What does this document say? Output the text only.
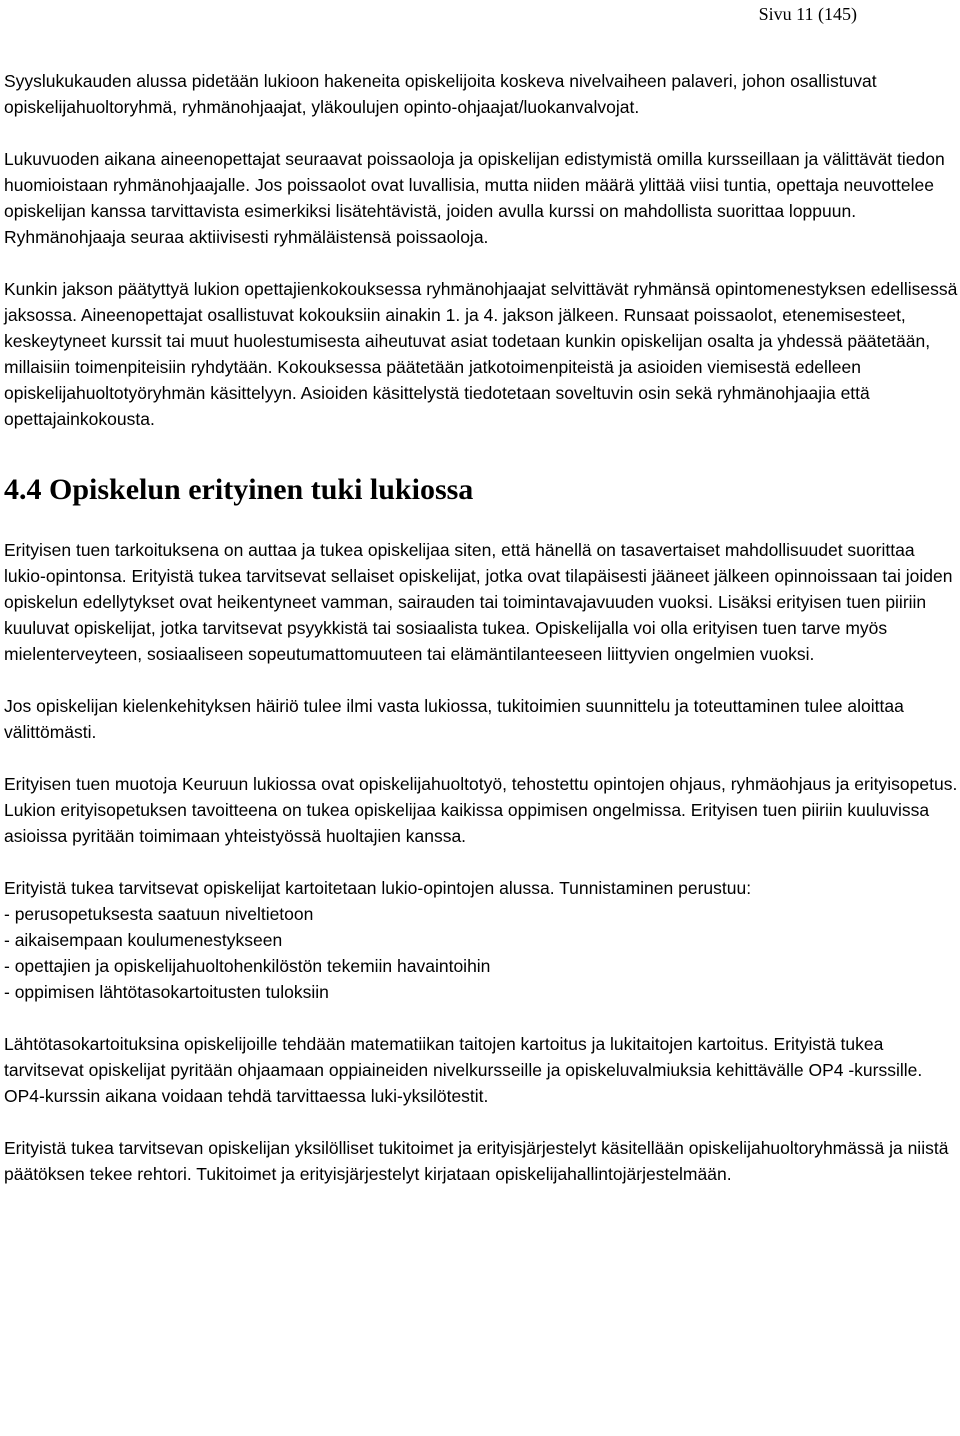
Sivu 11 (145)

Syyslukukauden alussa pidetään lukioon hakeneita opiskelijoita koskeva nivelvaiheen palaveri, johon osallistuvat opiskelijahuoltoryhmä, ryhmänohjaajat, yläkoulujen opinto-ohjaajat/luokanvalvojat.

Lukuvuoden aikana aineenopettajat seuraavat poissaoloja ja opiskelijan edistymistä omilla kursseillaan ja välittävät tiedon huomioistaan ryhmänohjaajalle. Jos poissaolot ovat luvallisia, mutta niiden määrä ylittää viisi tuntia, opettaja neuvottelee opiskelijan kanssa tarvittavista esimerkiksi lisätehtävistä, joiden avulla kurssi on mahdollista suorittaa loppuun. Ryhmänohjaaja seuraa aktiivisesti ryhmäläistensä poissaoloja.

Kunkin jakson päätyttyä lukion opettajienkokouksessa ryhmänohjaajat selvittävät ryhmänsä opintomenestyksen edellisessä jaksossa. Aineenopettajat osallistuvat kokouksiin ainakin 1. ja 4. jakson jälkeen. Runsaat poissaolot, etenemisesteet, keskeytyneet kurssit tai muut huolestumisesta aiheutuvat asiat todetaan kunkin opiskelijan osalta ja yhdessä päätetään, millaisiin toimenpiteisiin ryhdytään. Kokouksessa päätetään jatkotoimenpiteistä ja asioiden viemisestä edelleen opiskelijahuoltotyöryhmän käsittelyyn. Asioiden käsittelystä tiedotetaan soveltuvin osin sekä ryhmänohjaajia että opettajainkokousta.

4.4 Opiskelun erityinen tuki lukiossa

Erityisen tuen tarkoituksena on auttaa ja tukea opiskelijaa siten, että hänellä on tasavertaiset mahdollisuudet suorittaa lukio-opintonsa. Erityistä tukea tarvitsevat sellaiset opiskelijat, jotka ovat tilapäisesti jääneet jälkeen opinnoissaan tai joiden opiskelun edellytykset ovat heikentyneet vamman, sairauden tai toimintavajavuuden vuoksi. Lisäksi erityisen tuen piiriin kuuluvat opiskelijat, jotka tarvitsevat psyykkistä tai sosiaalista tukea. Opiskelijalla voi olla erityisen tuen tarve myös mielenterveyteen, sosiaaliseen sopeutumattomuuteen tai elämäntilanteeseen liittyvien ongelmien vuoksi.

Jos opiskelijan kielenkehityksen häiriö tulee ilmi vasta lukiossa, tukitoimien suunnittelu ja toteuttaminen tulee aloittaa välittömästi.

Erityisen tuen muotoja Keuruun lukiossa ovat opiskelijahuoltotyö, tehostettu opintojen ohjaus, ryhmäohjaus ja erityisopetus. Lukion erityisopetuksen tavoitteena on tukea opiskelijaa kaikissa oppimisen ongelmissa. Erityisen tuen piiriin kuuluvissa asioissa pyritään toimimaan yhteistyössä huoltajien kanssa.

Erityistä tukea tarvitsevat opiskelijat kartoitetaan lukio-opintojen alussa. Tunnistaminen perustuu:

- perusopetuksesta saatuun niveltietoon
- aikaisempaan koulumenestykseen
- opettajien ja opiskelijahuoltohenkilöstön tekemiin havaintoihin
- oppimisen lähtötasokartoitusten tuloksiin

Lähtötasokartoituksina opiskelijoille tehdään matematiikan taitojen kartoitus ja lukitaitojen kartoitus. Erityistä tukea tarvitsevat opiskelijat pyritään ohjaamaan oppiaineiden nivelkursseille ja opiskeluvalmiuksia kehittävälle OP4 -kurssille. OP4-kurssin aikana voidaan tehdä tarvittaessa luki-yksilötestit.

Erityistä tukea tarvitsevan opiskelijan yksilölliset tukitoimet ja erityisjärjestelyt käsitellään opiskelijahuoltoryhmässä ja niistä päätöksen tekee rehtori. Tukitoimet ja erityisjärjestelyt kirjataan opiskelijahallintojärjestelmään.
